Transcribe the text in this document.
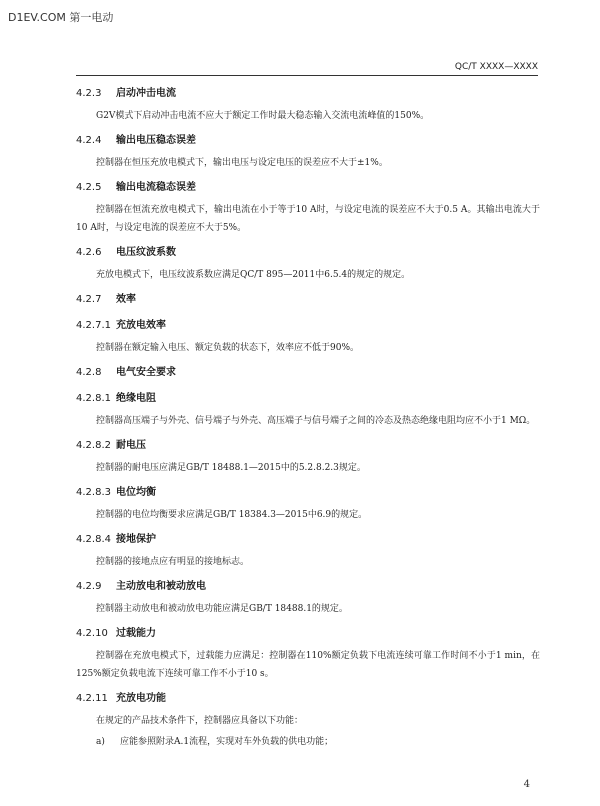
D1EV.COM 第一电动
QC/T XXXX—XXXX
4.2.3 启动冲击电流

G2V模式下启动冲击电流不应大于额定工作时最大稳态输入交流电流峰值的150%。

4.2.4 输出电压稳态误差

控制器在恒压充放电模式下，输出电压与设定电压的误差应不大于±1%。

4.2.5 输出电流稳态误差

控制器在恒流充放电模式下，输出电流在小于等于10 A时，与设定电流的误差应不大于0.5 A。其输出电流大于10 A时，与设定电流的误差应不大于5%。

4.2.6 电压纹波系数

充放电模式下，电压纹波系数应满足QC/T 895—2011中6.5.4的规定的规定。

4.2.7 效率
4.2.7.1 充放电效率

控制器在额定输入电压、额定负载的状态下，效率应不低于90%。

4.2.8 电气安全要求
4.2.8.1 绝缘电阻

控制器高压端子与外壳、信号端子与外壳、高压端子与信号端子之间的冷态及热态绝缘电阻均应不小于1 MΩ。

4.2.8.2 耐电压

控制器的耐电压应满足GB/T 18488.1—2015中的5.2.8.2.3规定。

4.2.8.3 电位均衡

控制器的电位均衡要求应满足GB/T 18384.3—2015中6.9的规定。

4.2.8.4 接地保护

控制器的接地点应有明显的接地标志。

4.2.9 主动放电和被动放电

控制器主动放电和被动放电功能应满足GB/T 18488.1的规定。

4.2.10 过载能力

控制器在充放电模式下，过载能力应满足：控制器在110%额定负载下电流连续可靠工作时间不小于1 min，在125%额定负载电流下连续可靠工作不小于10 s。

4.2.11 充放电功能

在规定的产品技术条件下，控制器应具备以下功能：

a) 应能参照附录A.1流程，实现对车外负载的供电功能；
4
